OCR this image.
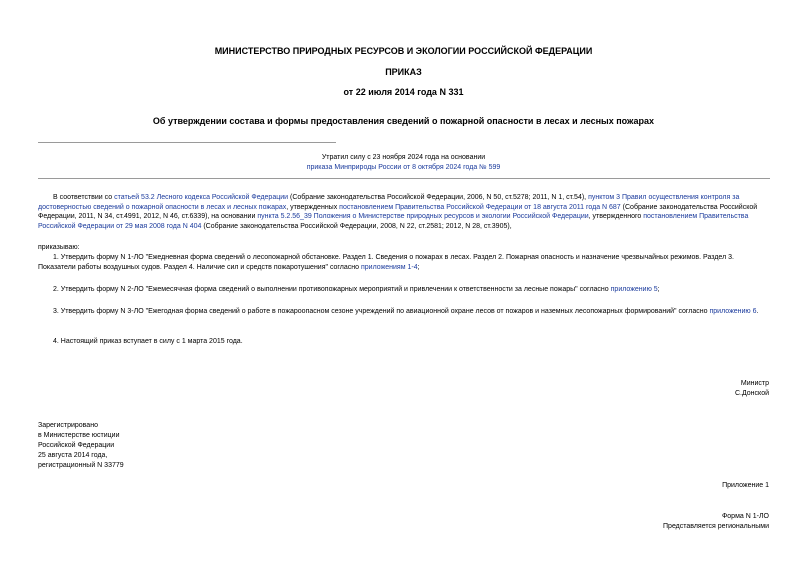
МИНИСТЕРСТВО ПРИРОДНЫХ РЕСУРСОВ И ЭКОЛОГИИ РОССИЙСКОЙ ФЕДЕРАЦИИ
ПРИКАЗ
от 22 июля 2014 года N 331
Об утверждении состава и формы предоставления сведений о пожарной опасности в лесах и лесных пожарах
Утратил силу с 23 ноября 2024 года на основании
приказа Минприроды России от 8 октября 2024 года № 599
В соответствии со статьей 53.2 Лесного кодекса Российской Федерации (Собрание законодательства Российской Федерации, 2006, N 50, ст.5278; 2011, N 1, ст.54), пунктом 3 Правил осуществления контроля за достоверностью сведений о пожарной опасности в лесах и лесных пожарах, утвержденных постановлением Правительства Российской Федерации от 18 августа 2011 года N 687 (Собрание законодательства Российской Федерации, 2011, N 34, ст.4991, 2012, N 46, ст.6339), на основании пункта 5.2.56_39 Положения о Министерстве природных ресурсов и экологии Российской Федерации, утвержденного постановлением Правительства Российской Федерации от 29 мая 2008 года N 404 (Собрание законодательства Российской Федерации, 2008, N 22, ст.2581; 2012, N 28, ст.3905),
приказываю:
1. Утвердить форму N 1-ЛО "Ежедневная форма сведений о лесопожарной обстановке. Раздел 1. Сведения о пожарах в лесах. Раздел 2. Пожарная опасность и назначение чрезвычайных режимов. Раздел 3. Показатели работы воздушных судов. Раздел 4. Наличие сил и средств пожаротушения" согласно приложениям 1-4;
2. Утвердить форму N 2-ЛО "Ежемесячная форма сведений о выполнении противопожарных мероприятий и привлечении к ответственности за лесные пожары" согласно приложению 5;
3. Утвердить форму N 3-ЛО "Ежегодная форма сведений о работе в пожароопасном сезоне учреждений по авиационной охране лесов от пожаров и наземных лесопожарных формирований" согласно приложению 6.
4. Настоящий приказ вступает в силу с 1 марта 2015 года.
Министр
С.Донской
Зарегистрировано
в Министерстве юстиции
Российской Федерации
25 августа 2014 года,
регистрационный N 33779
Приложение 1
Форма N 1-ЛО
Представляется региональными
